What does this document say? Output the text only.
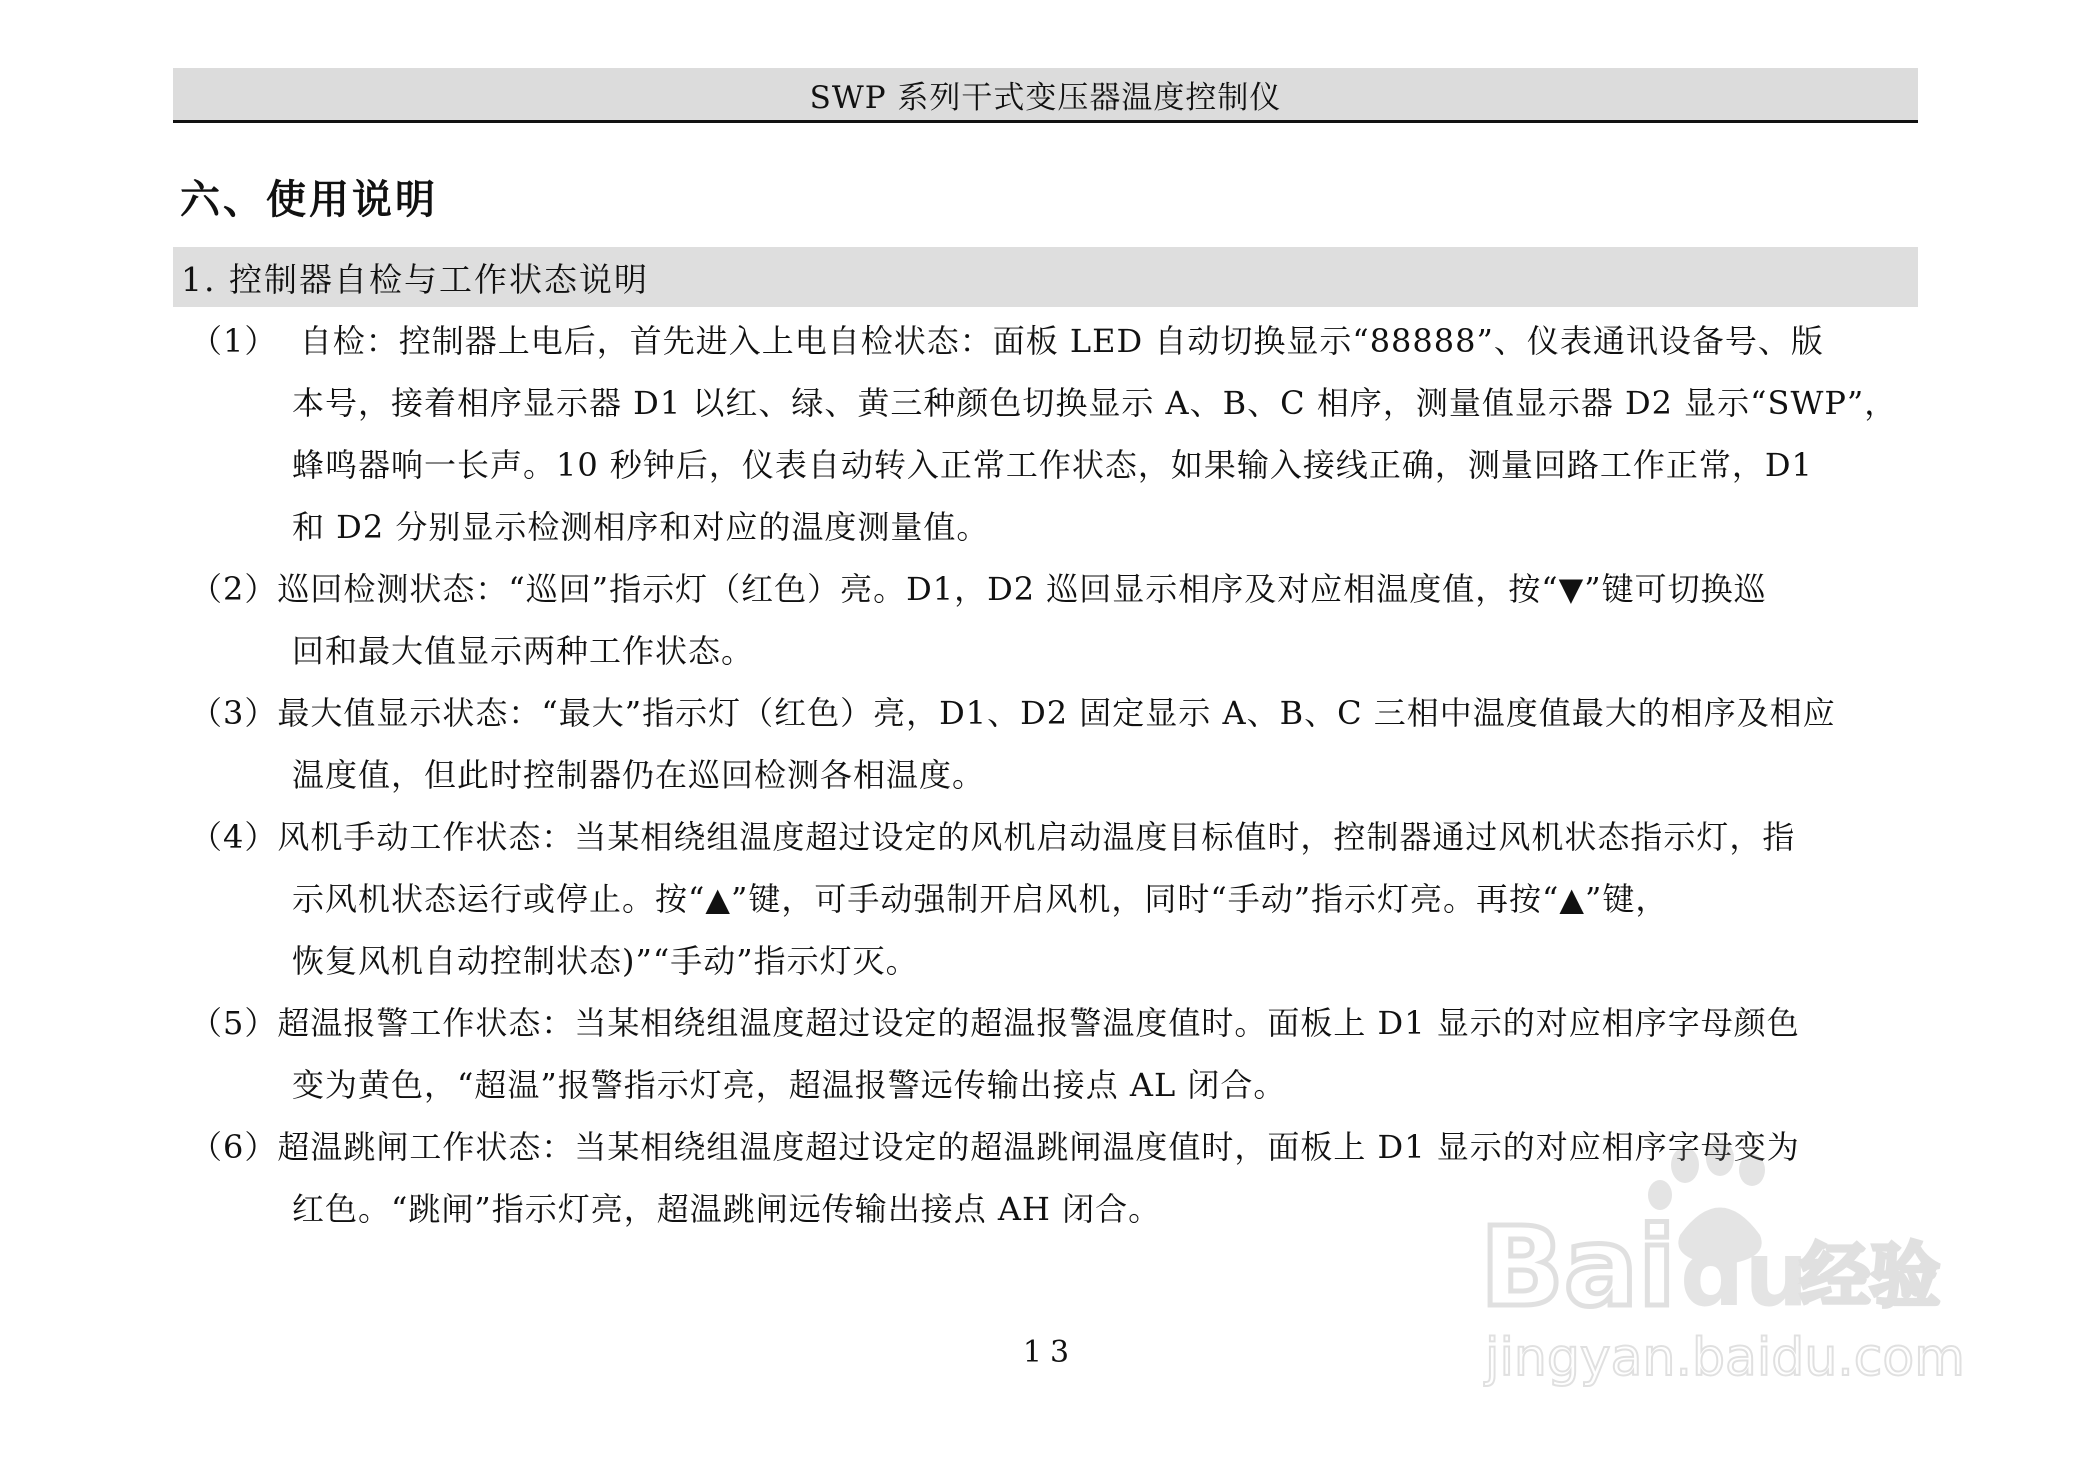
SWP 系列干式变压器温度控制仪
六、使用说明
1. 控制器自检与工作状态说明
（1） 自检：控制器上电后，首先进入上电自检状态：面板 LED 自动切换显示“88888”、仪表通讯设备号、版
本号，接着相序显示器 D1 以红、绿、黄三种颜色切换显示 A、B、C 相序，测量值显示器 D2 显示“SWP”，
蜂鸣器响一长声。10 秒钟后，仪表自动转入正常工作状态，如果输入接线正确，测量回路工作正常，D1
和 D2 分别显示检测相序和对应的温度测量值。
（2） 巡回检测状态：“巡回”指示灯（红色）亮。D1，D2 巡回显示相序及对应相温度值，按“▼”键可切换巡
回和最大值显示两种工作状态。
（3） 最大值显示状态：“最大”指示灯（红色）亮，D1、D2 固定显示 A、B、C 三相中温度值最大的相序及相应
温度值，但此时控制器仍在巡回检测各相温度。
（4） 风机手动工作状态：当某相绕组温度超过设定的风机启动温度目标值时，控制器通过风机状态指示灯，指
示风机状态运行或停止。按“▲”键，可手动强制开启风机，同时“手动”指示灯亮。再按“▲”键，
恢复风机自动控制状态)”“手动”指示灯灭。
（5） 超温报警工作状态：当某相绕组温度超过设定的超温报警温度值时。面板上 D1 显示的对应相序字母颜色
变为黄色，“超温”报警指示灯亮，超温报警远传输出接点 AL 闭合。
（6） 超温跳闸工作状态：当某相绕组温度超过设定的超温跳闸温度值时，面板上 D1 显示的对应相序字母变为
红色。“跳闸”指示灯亮，超温跳闸远传输出接点 AH 闭合。
13
Bai du
经验
jingyan.baidu.com
